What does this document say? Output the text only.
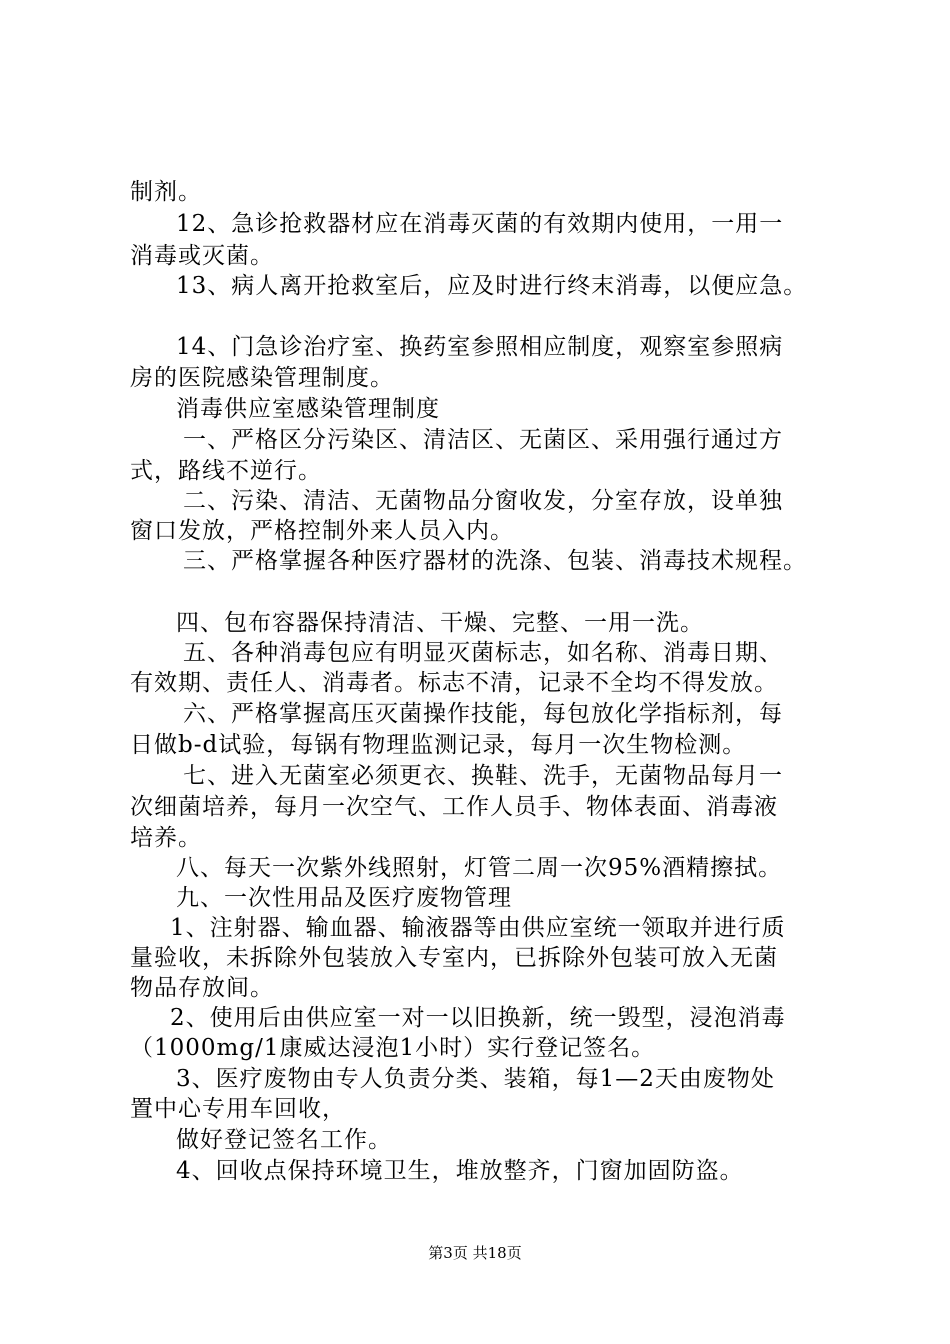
制剂。
12、急诊抢救器材应在消毒灭菌的有效期内使用，一用一
消毒或灭菌。
13、病人离开抢救室后，应及时进行终末消毒，以便应急。
14、门急诊治疗室、换药室参照相应制度，观察室参照病
房的医院感染管理制度。
消毒供应室感染管理制度
一、严格区分污染区、清洁区、无菌区、采用强行通过方
式，路线不逆行。
二、污染、清洁、无菌物品分窗收发，分室存放，设单独
窗口发放，严格控制外来人员入内。
三、严格掌握各种医疗器材的洗涤、包装、消毒技术规程。
四、包布容器保持清洁、干燥、完整、一用一洗。
五、各种消毒包应有明显灭菌标志，如名称、消毒日期、
有效期、责任人、消毒者。标志不清，记录不全均不得发放。
六、严格掌握高压灭菌操作技能，每包放化学指标剂，每
日做b-d试验，每锅有物理监测记录，每月一次生物检测。
七、进入无菌室必须更衣、换鞋、洗手，无菌物品每月一
次细菌培养，每月一次空气、工作人员手、物体表面、消毒液
培养。
八、每天一次紫外线照射，灯管二周一次95%酒精擦拭。
九、一次性用品及医疗废物管理
1、注射器、输血器、输液器等由供应室统一领取并进行质
量验收，未拆除外包装放入专室内，已拆除外包装可放入无菌
物品存放间。
2、使用后由供应室一对一以旧换新，统一毁型，浸泡消毒
（1000mg/1康威达浸泡1小时）实行登记签名。
3、医疗废物由专人负责分类、装箱，每1—2天由废物处
置中心专用车回收，
做好登记签名工作。
4、回收点保持环境卫生，堆放整齐，门窗加固防盗。
第3页 共18页
